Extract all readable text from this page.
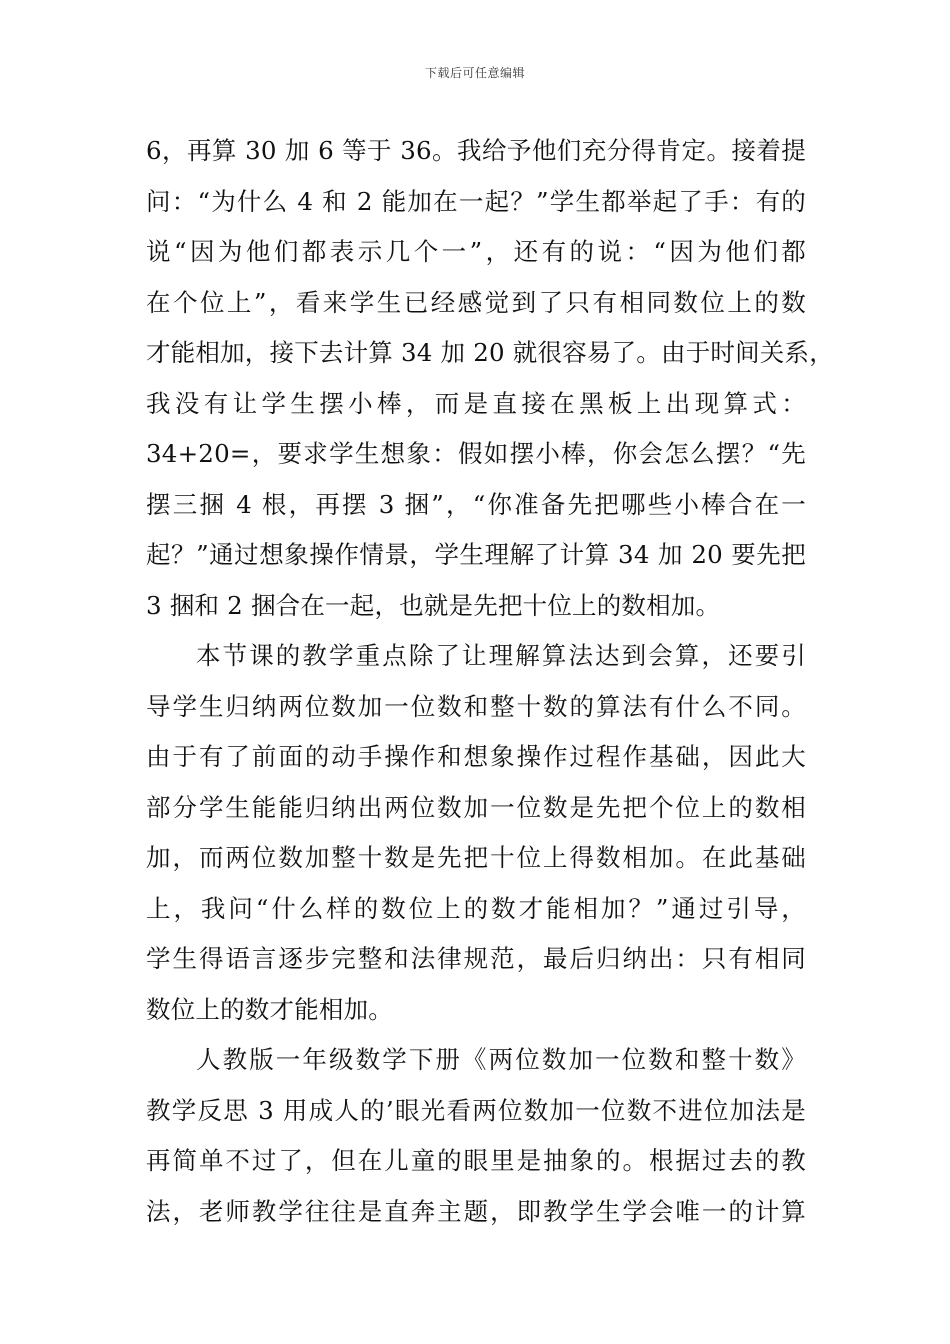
下载后可任意编辑
6，再算 30 加 6 等于 36。我给予他们充分得肯定。接着提
问：“为什么 4 和 2 能加在一起？”学生都举起了手：有的
说“因为他们都表示几个一”，还有的说：“因为他们都
在个位上”，看来学生已经感觉到了只有相同数位上的数
才能相加，接下去计算 34 加 20 就很容易了。由于时间关系，
我没有让学生摆小棒，而是直接在黑板上出现算式：
34+20=，要求学生想象：假如摆小棒，你会怎么摆？“先
摆三捆 4 根，再摆 3 捆”，“你准备先把哪些小棒合在一
起？”通过想象操作情景，学生理解了计算 34 加 20 要先把
3 捆和 2 捆合在一起，也就是先把十位上的数相加。
本节课的教学重点除了让理解算法达到会算，还要引
导学生归纳两位数加一位数和整十数的算法有什么不同。
由于有了前面的动手操作和想象操作过程作基础，因此大
部分学生能能归纳出两位数加一位数是先把个位上的数相
加，而两位数加整十数是先把十位上得数相加。在此基础
上，我问“什么样的数位上的数才能相加？”通过引导，
学生得语言逐步完整和法律规范，最后归纳出：只有相同
数位上的数才能相加。
人教版一年级数学下册《两位数加一位数和整十数》
教学反思 3 用成人的’眼光看两位数加一位数不进位加法是
再简单不过了，但在儿童的眼里是抽象的。根据过去的教
法，老师教学往往是直奔主题，即教学生学会唯一的计算
